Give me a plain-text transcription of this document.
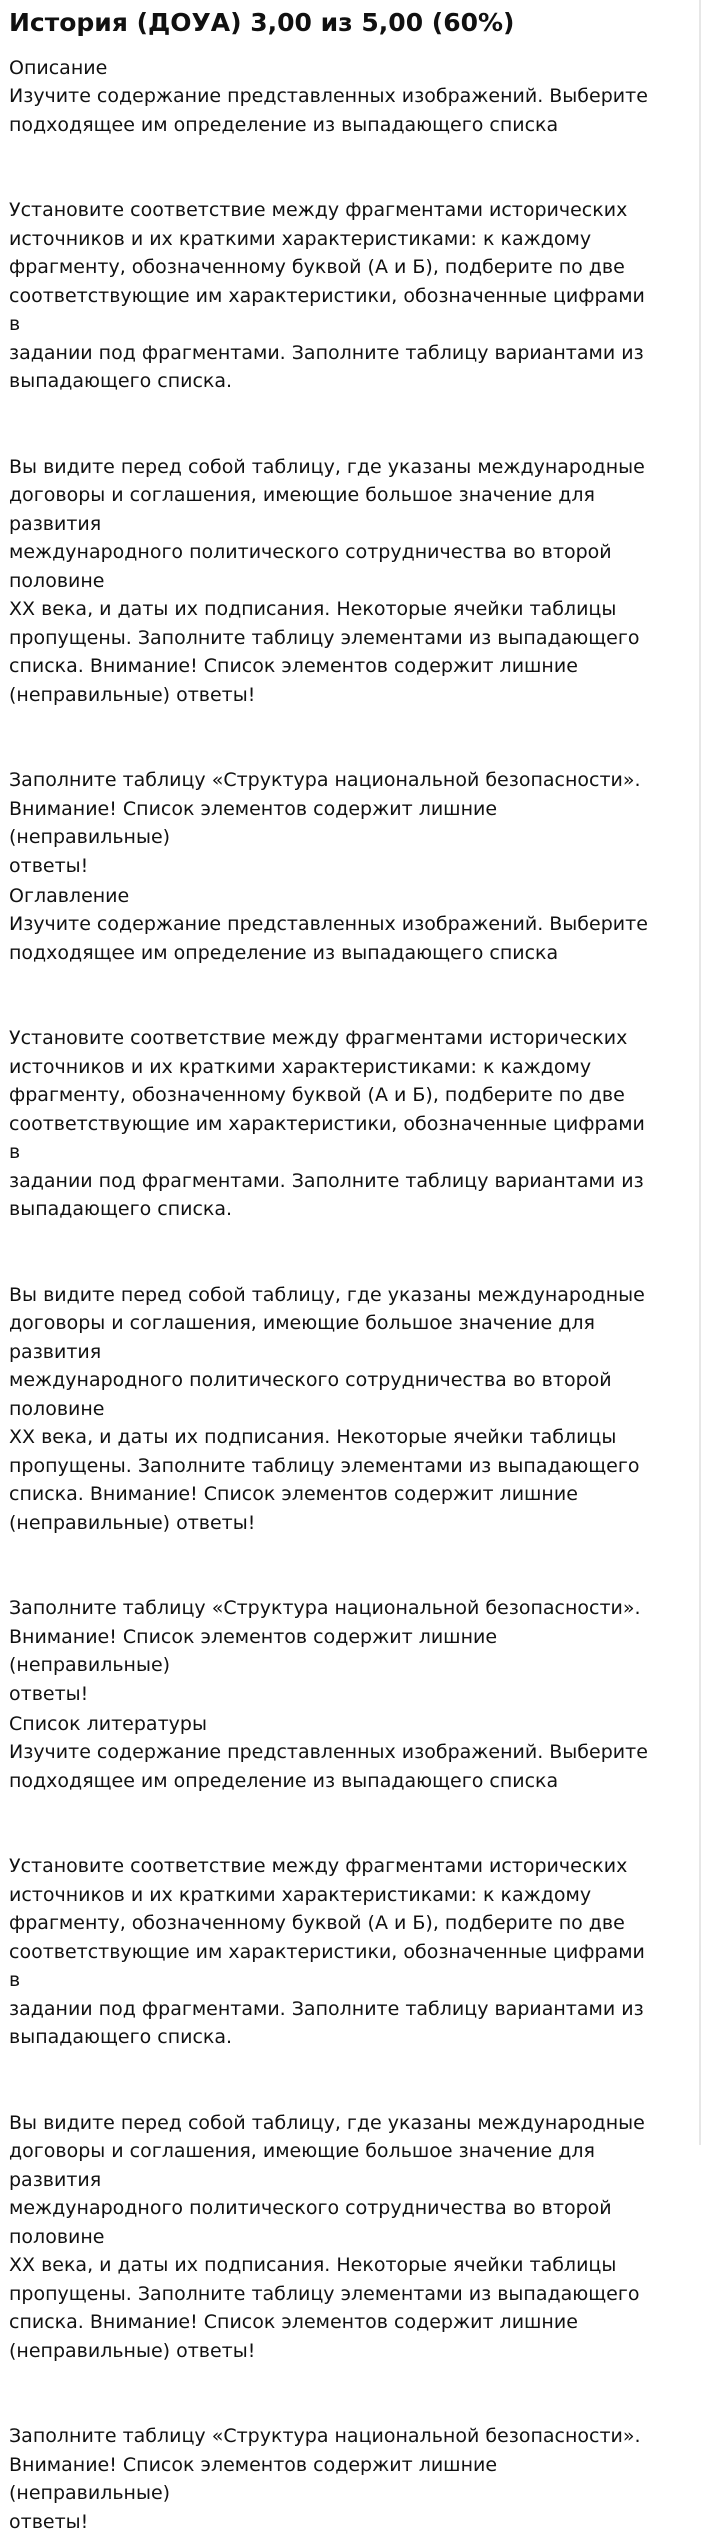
История (ДОУА) 3,00 из 5,00 (60%)
Описание

Изучите содержание представленных изображений. Выберите
подходящее им определение из выпадающего списка

Установите соответствие между фрагментами исторических
источников и их краткими характеристиками: к каждому
фрагменту, обозначенному буквой (А и Б), подберите по две
соответствующие им характеристики, обозначенные цифрами в
задании под фрагментами. Заполните таблицу вариантами из
выпадающего списка.

Вы видите перед собой таблицу, где указаны международные
договоры и соглашения, имеющие большое значение для развития
международного политического сотрудничества во второй половине
XX века, и даты их подписания. Некоторые ячейки таблицы
пропущены. Заполните таблицу элементами из выпадающего
списка. Внимание! Список элементов содержит лишние
(неправильные) ответы!

Заполните таблицу «Структура национальной безопасности».
Внимание! Список элементов содержит лишние (неправильные)
ответы!

Оглавление

Изучите содержание представленных изображений. Выберите
подходящее им определение из выпадающего списка

Установите соответствие между фрагментами исторических
источников и их краткими характеристиками: к каждому
фрагменту, обозначенному буквой (А и Б), подберите по две
соответствующие им характеристики, обозначенные цифрами в
задании под фрагментами. Заполните таблицу вариантами из
выпадающего списка.

Вы видите перед собой таблицу, где указаны международные
договоры и соглашения, имеющие большое значение для развития
международного политического сотрудничества во второй половине
XX века, и даты их подписания. Некоторые ячейки таблицы
пропущены. Заполните таблицу элементами из выпадающего
списка. Внимание! Список элементов содержит лишние
(неправильные) ответы!

Заполните таблицу «Структура национальной безопасности».
Внимание! Список элементов содержит лишние (неправильные)
ответы!

Список литературы

Изучите содержание представленных изображений. Выберите
подходящее им определение из выпадающего списка

Установите соответствие между фрагментами исторических
источников и их краткими характеристиками: к каждому
фрагменту, обозначенному буквой (А и Б), подберите по две
соответствующие им характеристики, обозначенные цифрами в
задании под фрагментами. Заполните таблицу вариантами из
выпадающего списка.

Вы видите перед собой таблицу, где указаны международные
договоры и соглашения, имеющие большое значение для развития
международного политического сотрудничества во второй половине
XX века, и даты их подписания. Некоторые ячейки таблицы
пропущены. Заполните таблицу элементами из выпадающего
списка. Внимание! Список элементов содержит лишние
(неправильные) ответы!

Заполните таблицу «Структура национальной безопасности».
Внимание! Список элементов содержит лишние (неправильные)
ответы!
